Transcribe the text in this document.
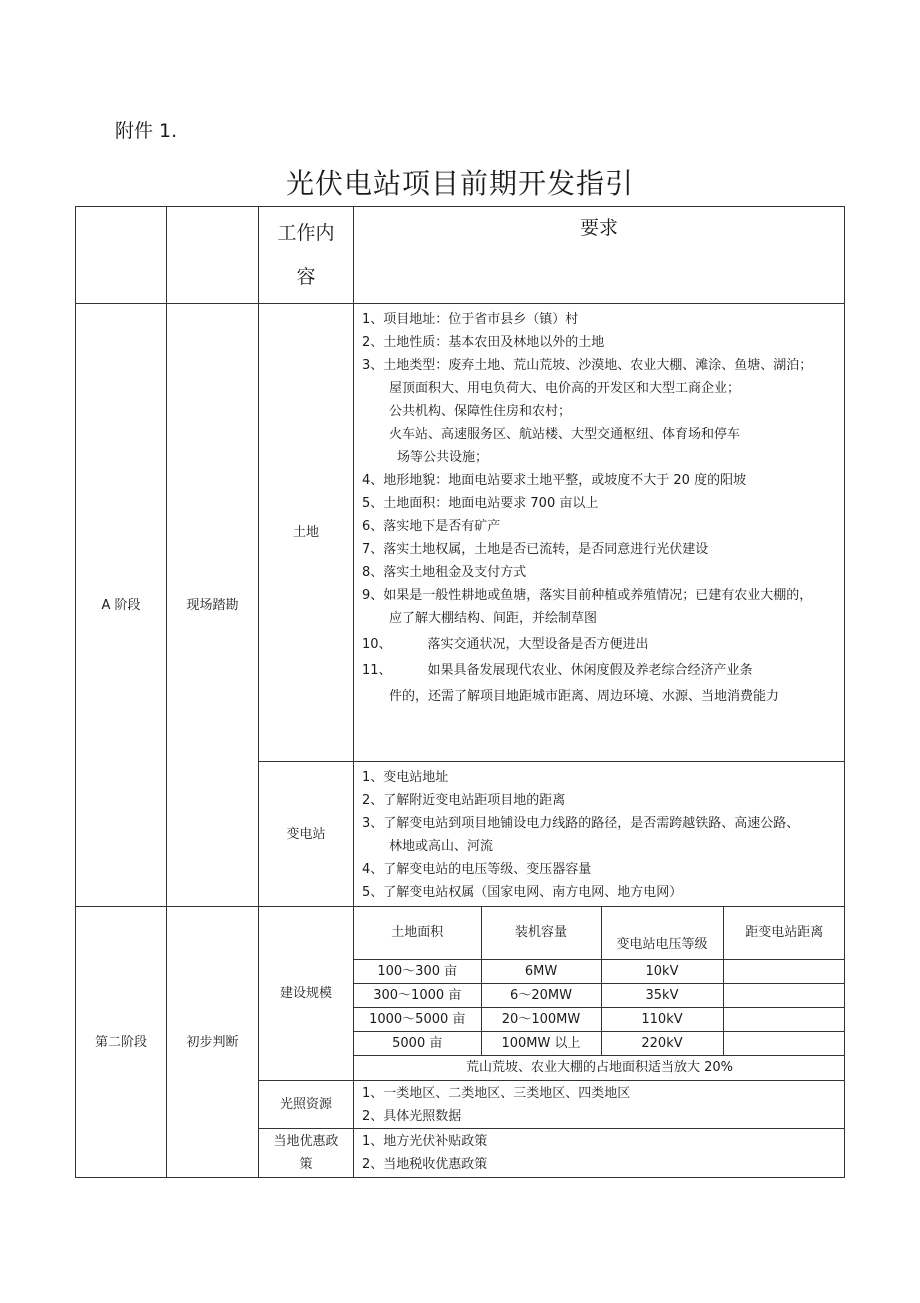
附件 1.
光伏电站项目前期开发指引

工作内
容
	要求
A 阶段	现场踏勘	土地	
1、项目地址：位于省市县乡（镇）村
2、土地性质：基本农田及林地以外的土地
3、土地类型：废弃土地、荒山荒坡、沙漠地、农业大棚、滩涂、鱼塘、湖泊；
屋顶面积大、用电负荷大、电价高的开发区和大型工商企业；
公共机构、保障性住房和农村；
火车站、高速服务区、航站楼、大型交通枢纽、体育场和停车
场等公共设施；
4、地形地貌：地面电站要求土地平整，或坡度不大于 20 度的阳坡
5、土地面积：地面电站要求 700 亩以上
6、落实地下是否有矿产
7、落实土地权属，土地是否已流转，是否同意进行光伏建设
8、落实土地租金及支付方式
9、如果是一般性耕地或鱼塘，落实目前种植或养殖情况；已建有农业大棚的，
应了解大棚结构、间距，并绘制草图
10、	落实交通状况，大型设备是否方便进出
11、	如果具备发展现代农业、休闲度假及养老综合经济产业条
件的，还需了解项目地距城市距离、周边环境、水源、当地消费能力

变电站	
1、变电站地址
2、了解附近变电站距项目地的距离
3、了解变电站到项目地铺设电力线路的路径，是否需跨越铁路、高速公路、
林地或高山、河流
4、了解变电站的电压等级、变压器容量
5、了解变电站权属（国家电网、南方电网、地方电网）

第二阶段	初步判断	建设规模	
土地面积	装机容量	变电站电压等级	距变电站距离
100～300 亩	6MW	10kV	
300～1000 亩	6～20MW	35kV	
1000～5000 亩	20～100MW	110kV	
5000 亩	100MW 以上	220kV	
荒山荒坡、农业大棚的占地面积适当放大 20%

光照资源	
1、一类地区、二类地区、三类地区、四类地区
2、具体光照数据

当地优惠政
策

1、地方光伏补贴政策
2、当地税收优惠政策
